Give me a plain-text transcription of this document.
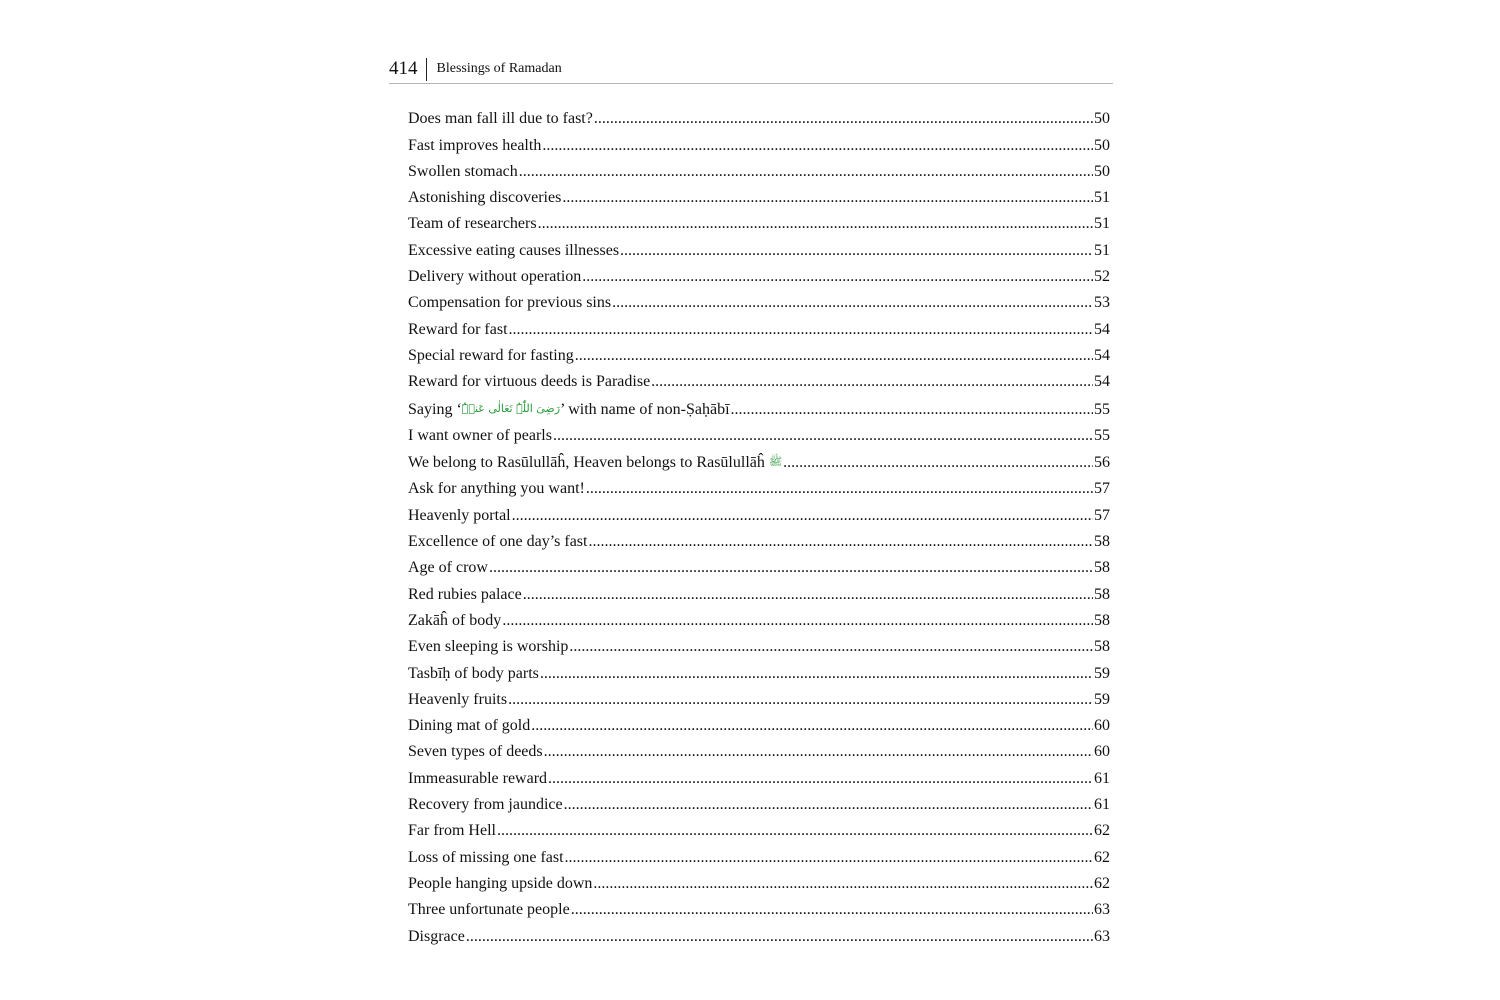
414	Blessings of Ramadan
Does man fall ill due to fast? .....	50
Fast improves health .....	50
Swollen stomach .....	50
Astonishing discoveries .....	51
Team of researchers .....	51
Excessive eating causes illnesses .....	51
Delivery without operation .....	52
Compensation for previous sins .....	53
Reward for fast .....	54
Special reward for fasting .....	54
Reward for virtuous deeds is Paradise .....	54
Saying ‘رَضِیَ اللّٰہُ تَعَالٰی عَنۡہُ’ with name of non-Ṣaḥābī .....	55
I want owner of pearls .....	55
We belong to Rasūlullāĥ, Heaven belongs to Rasūlullāĥ ﷺ .....	56
Ask for anything you want! .....	57
Heavenly portal .....	57
Excellence of one day’s fast .....	58
Age of crow .....	58
Red rubies palace .....	58
Zakāĥ of body .....	58
Even sleeping is worship .....	58
Tasbīḥ of body parts .....	59
Heavenly fruits .....	59
Dining mat of gold .....	60
Seven types of deeds .....	60
Immeasurable reward .....	61
Recovery from jaundice .....	61
Far from Hell .....	62
Loss of missing one fast .....	62
People hanging upside down .....	62
Three unfortunate people .....	63
Disgrace .....	63
